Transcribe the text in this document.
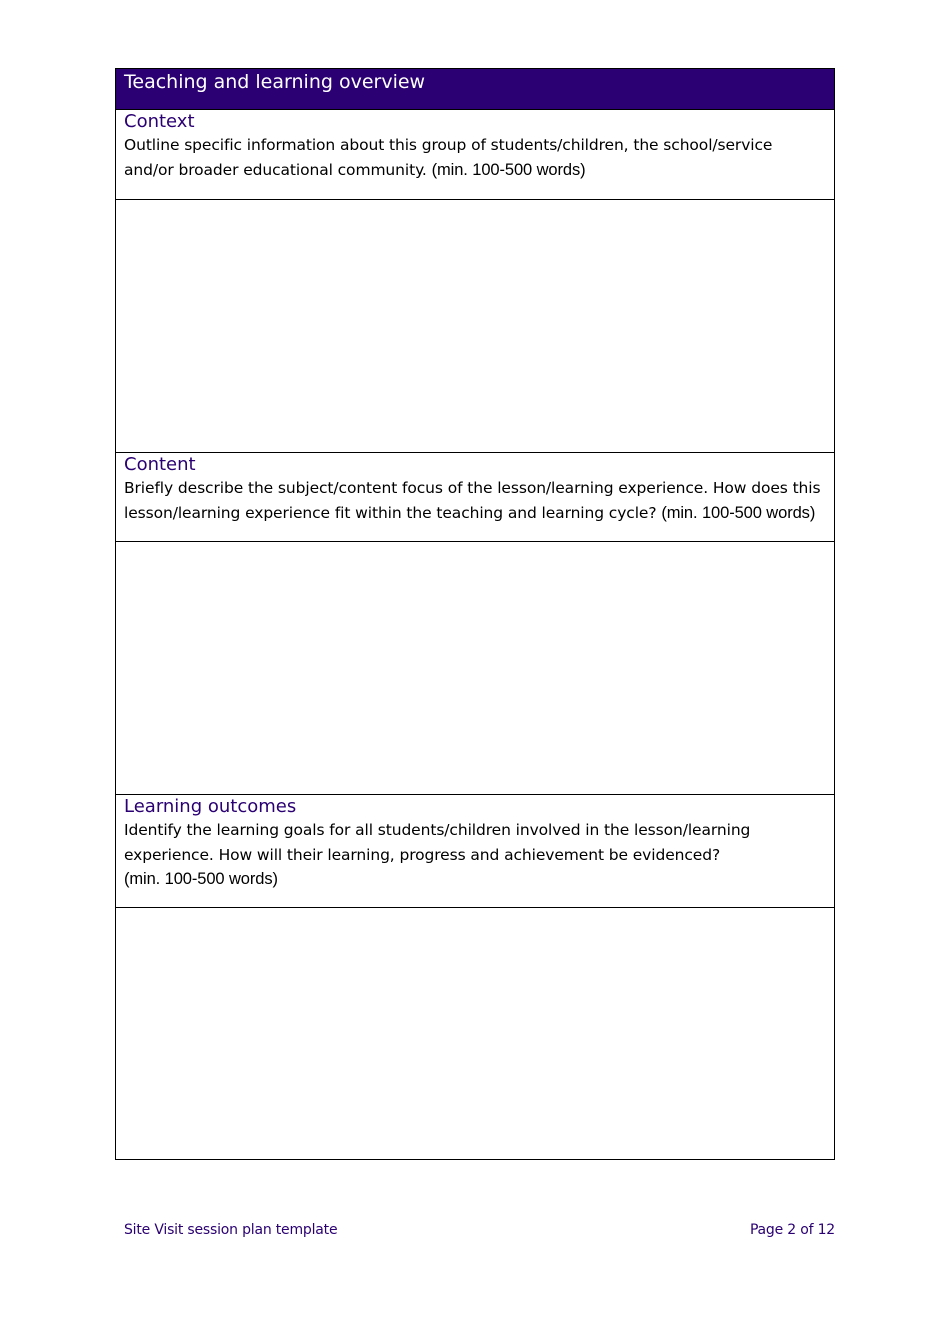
Teaching and learning overview
Context
Outline specific information about this group of students/children, the school/service and/or broader educational community. (min. 100-500 words)
Content
Briefly describe the subject/content focus of the lesson/learning experience. How does this lesson/learning experience fit within the teaching and learning cycle? (min. 100-500 words)
Learning outcomes
Identify the learning goals for all students/children involved in the lesson/learning
experience. How will their learning, progress and achievement be evidenced?
(min. 100-500 words)
Site Visit session plan template	Page 2 of 12
